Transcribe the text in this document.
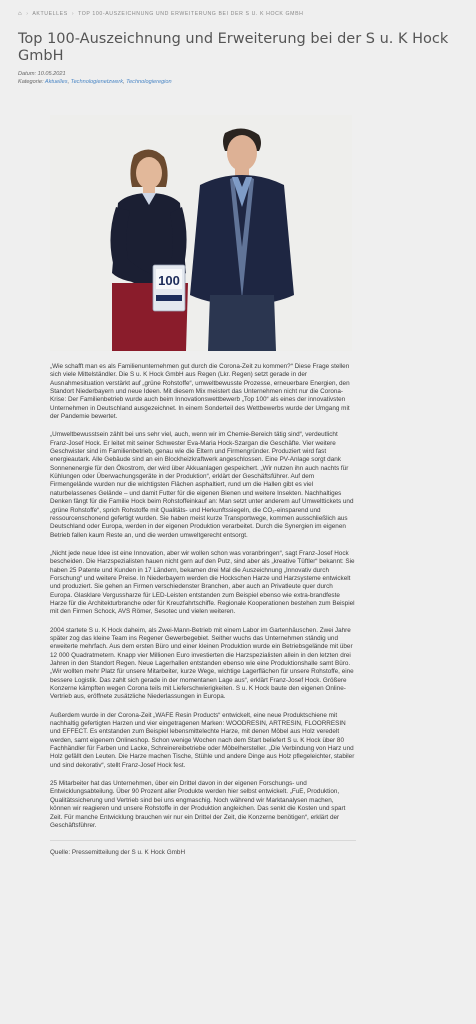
⌂ › AKTUELLES › TOP 100-AUSZEICHNUNG UND ERWEITERUNG BEI DER S U. K HOCK GMBH
Top 100-Auszeichnung und Erweiterung bei der S u. K Hock GmbH
Datum: 10.05.2021
Kategorie: Aktuelles, Technologienetzwerk, Technologieregion
100

„Wie schafft man es als Familienunternehmen gut durch die Corona-Zeit zu kommen?“ Diese Frage stellen sich viele Mittelständler. Die S u. K Hock GmbH aus Regen (Lkr. Regen) setzt gerade in der Ausnahmesituation verstärkt auf „grüne Rohstoffe“, umweltbewusste Prozesse, erneuerbare Energien, den Standort Niederbayern und neue Ideen. Mit diesem Mix meistert das Unternehmen nicht nur die Corona-Krise: Der Familienbetrieb wurde auch beim Innovationswettbewerb „Top 100“ als eines der innovativsten Unternehmen in Deutschland ausgezeichnet. In einem Sonderteil des Wettbewerbs wurde der Umgang mit der Pandemie bewertet.

„Umweltbewusstsein zählt bei uns sehr viel, auch, wenn wir im Chemie-Bereich tätig sind“, verdeutlicht Franz-Josef Hock. Er leitet mit seiner Schwester Eva-Maria Hock-Szargan die Geschäfte. Vier weitere Geschwister sind im Familienbetrieb, genau wie die Eltern und Firmengründer. Produziert wird fast energieautark. Alle Gebäude sind an ein Blockheizkraftwerk angeschlossen. Eine PV-Anlage sorgt dank Sonnenenergie für den Ökostrom, der wird über Akkuanlagen gespeichert. „Wir nutzen ihn auch nachts für Kühlungen oder Überwachungsgeräte in der Produktion“, erklärt der Geschäftsführer. Auf dem Firmengelände wurden nur die wichtigsten Flächen asphaltiert, rund um die Hallen gibt es viel naturbelassenes Gelände – und damit Futter für die eigenen Bienen und weitere Insekten. Nachhaltiges Denken fängt für die Familie Hock beim Rohstoffeinkauf an: Man setzt unter anderem auf Umwelttickets und „grüne Rohstoffe“, sprich Rohstoffe mit Qualitäts- und Herkunftssiegeln, die CO₂-einsparend und ressourcenschonend gefertigt wurden. Sie haben meist kurze Transportwege, kommen ausschließlich aus Deutschland oder Europa, werden in der eigenen Produktion verarbeitet. Durch die Synergien im eigenen Betrieb fallen kaum Reste an, und die werden umweltgerecht entsorgt.

„Nicht jede neue Idee ist eine Innovation, aber wir wollen schon was voranbringen“, sagt Franz-Josef Hock bescheiden. Die Harzspezialisten hauen nicht gern auf den Putz, sind aber als „kreative Tüftler“ bekannt: Sie haben 25 Patente und Kunden in 17 Ländern, bekamen drei Mal die Auszeichnung „Innovativ durch Forschung“ und weitere Preise. In Niederbayern werden die Hockschen Harze und Harzsysteme entwickelt und produziert. Sie gehen an Firmen verschiedenster Branchen, aber auch an Privatleute quer durch Europa. Glasklare Vergussharze für LED-Leisten entstanden zum Beispiel ebenso wie extra-brandfeste Harze für die Architekturbranche oder für Kreuzfahrtschiffe. Regionale Kooperationen bestehen zum Beispiel mit den Firmen Schock, AVS Römer, Sesotec und vielen weiteren.

2004 startete S u. K Hock daheim, als Zwei-Mann-Betrieb mit einem Labor im Gartenhäuschen. Zwei Jahre später zog das kleine Team ins Regener Gewerbegebiet. Seither wuchs das Unternehmen ständig und erweiterte mehrfach. Aus dem ersten Büro und einer kleinen Produktion wurde ein Betriebsgelände mit über 12 000 Quadratmetern. Knapp vier Millionen Euro investierten die Harzspezialisten allein in den letzten drei Jahren in den Standort Regen. Neue Lagerhallen entstanden ebenso wie eine Produktionshalle samt Büro. „Wir wollten mehr Platz für unsere Mitarbeiter, kurze Wege, wichtige Lagerflächen für unsere Rohstoffe, eine bessere Logistik. Das zahlt sich gerade in der momentanen Lage aus“, erklärt Franz-Josef Hock. Größere Konzerne kämpften wegen Corona teils mit Lieferschwierigkeiten. S u. K Hock baute den eigenen Online-Vertrieb aus, eröffnete zusätzliche Niederlassungen in Europa.

Außerdem wurde in der Corona-Zeit „WAFE Resin Products“ entwickelt, eine neue Produktschiene mit nachhaltig gefertigten Harzen und vier eingetragenen Marken: WOODRESIN, ARTRESIN, FLOORRESIN und EFFECT. Es entstanden zum Beispiel lebensmittelechte Harze, mit denen Möbel aus Holz veredelt werden, samt eigenem Onlineshop. Schon wenige Wochen nach dem Start beliefert S u. K Hock über 80 Fachhändler für Farben und Lacke, Schreinereibetriebe oder Möbelhersteller. „Die Verbindung von Harz und Holz gefällt den Leuten. Die Harze machen Tische, Stühle und andere Dinge aus Holz pflegeleichter, stabiler und sind dekorativ“, stellt Franz-Josef Hock fest.

25 Mitarbeiter hat das Unternehmen, über ein Drittel davon in der eigenen Forschungs- und Entwicklungsabteilung. Über 90 Prozent aller Produkte werden hier selbst entwickelt. „FuE, Produktion, Qualitätssicherung und Vertrieb sind bei uns engmaschig. Noch während wir Marktanalysen machen, können wir reagieren und unsere Rohstoffe in der Produktion angleichen. Das senkt die Kosten und spart Zeit. Für manche Entwicklung brauchen wir nur ein Drittel der Zeit, die Konzerne benötigen“, erklärt der Geschäftsführer.

Quelle: Pressemitteilung der S u. K Hock GmbH
